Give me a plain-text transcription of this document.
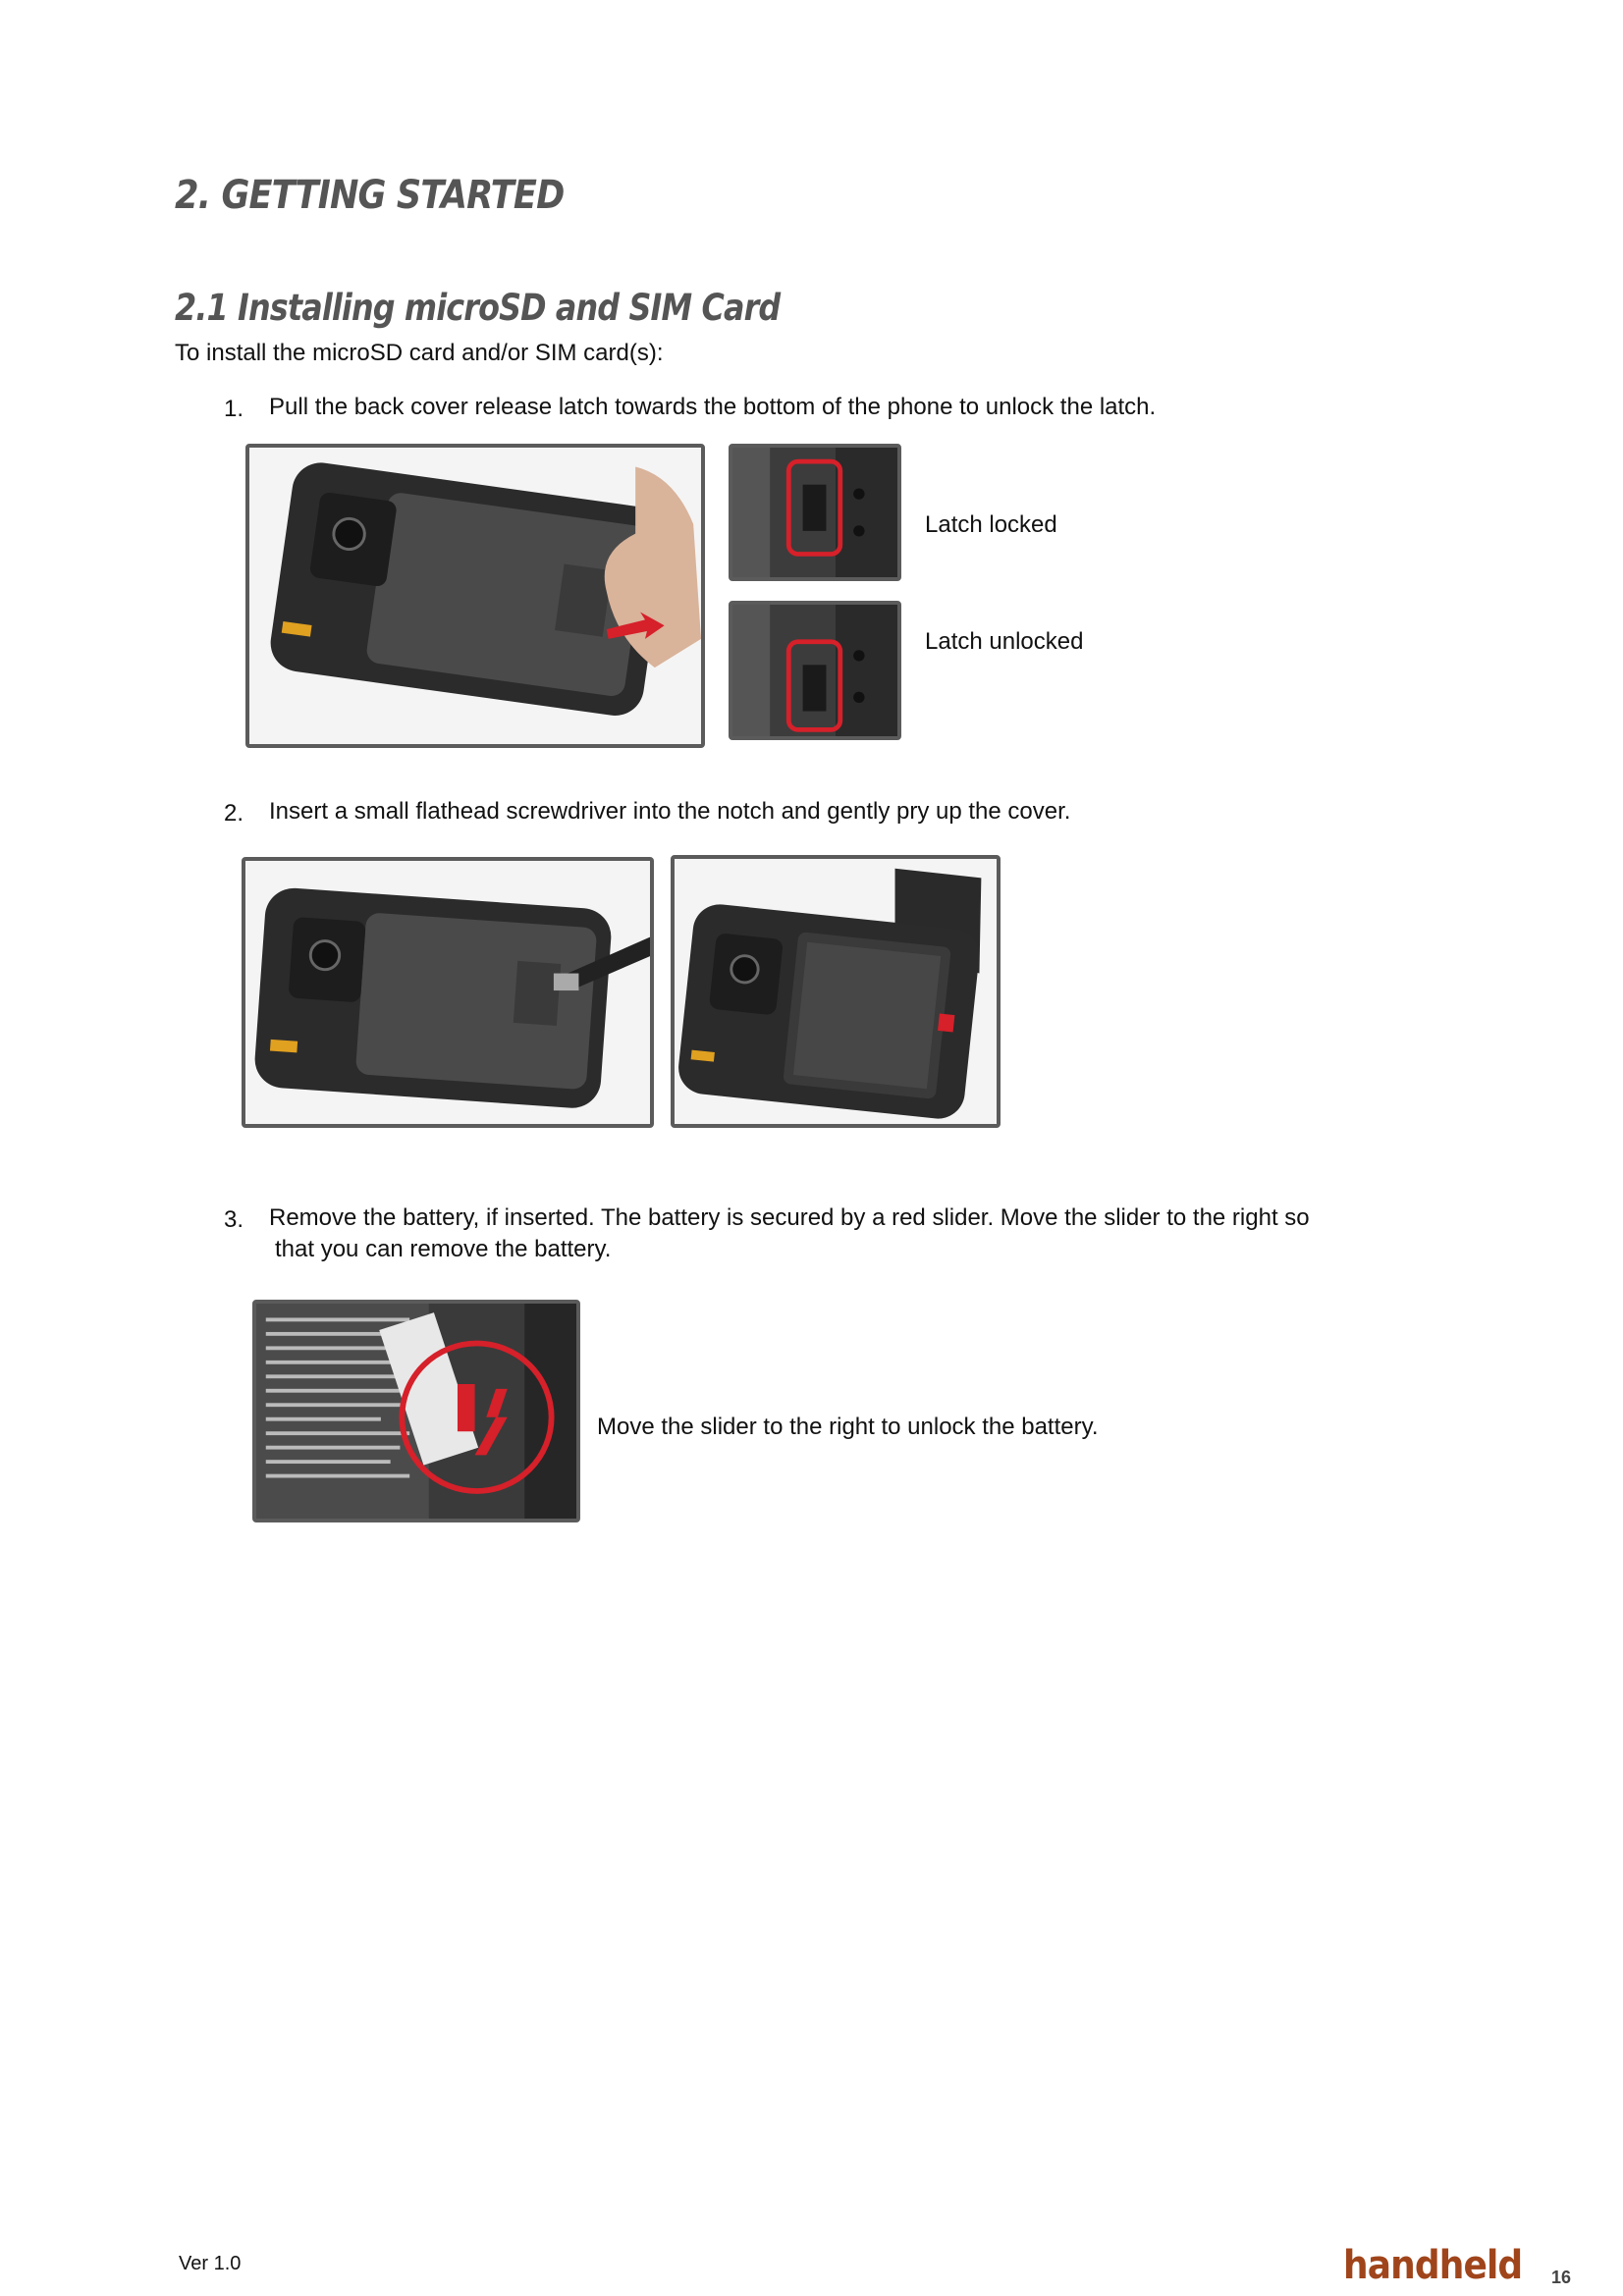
2. GETTING STARTED
2.1 Installing microSD and SIM Card
To install the microSD card and/or SIM card(s):
1. Pull the back cover release latch towards the bottom of the phone to unlock the latch.
Latch locked
Latch unlocked
2. Insert a small flathead screwdriver into the notch and gently pry up the cover.
3. Remove the battery, if inserted. The battery is secured by a red slider. Move the slider to the right so
that you can remove the battery.
Move the slider to the right to unlock the battery.
Ver 1.0	handheld 16
